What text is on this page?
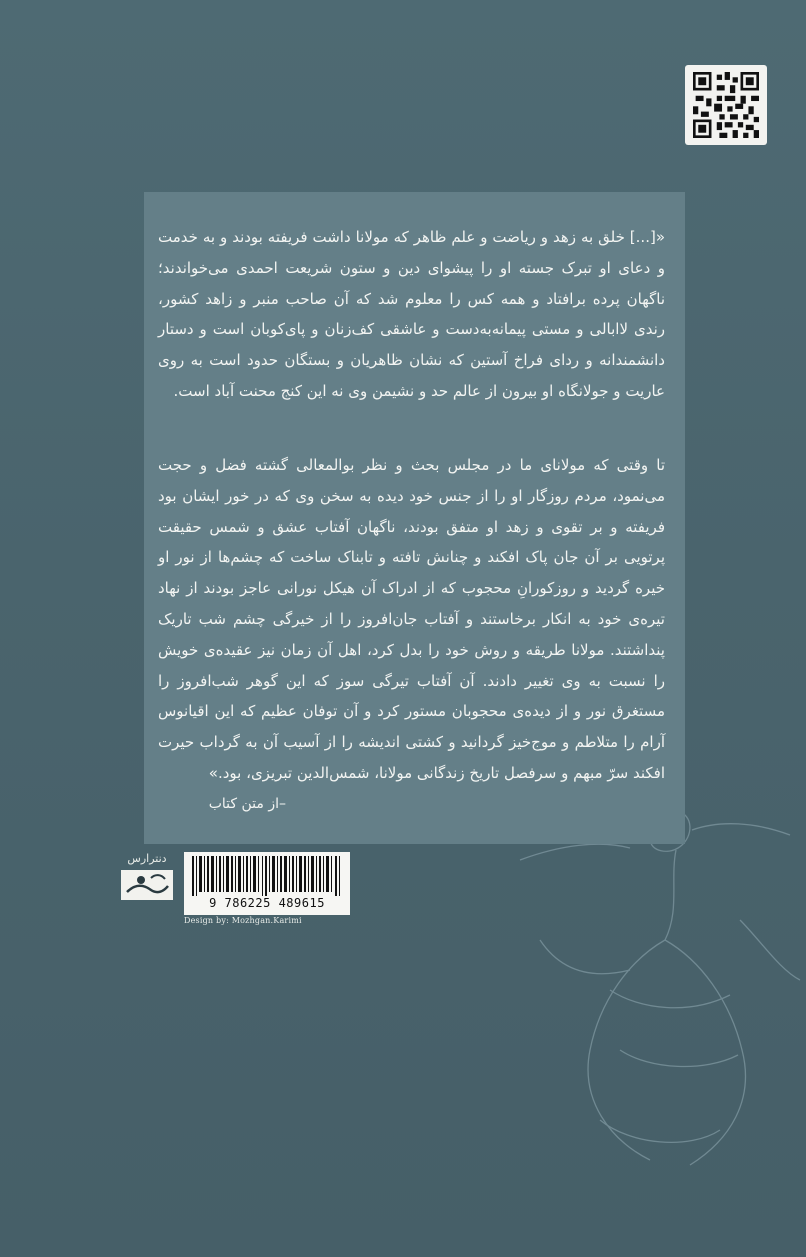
«[...] خلق به زهد و ریاضت و علم ظاهر که مولانا داشت فریفته بودند و به خدمت و دعای او تبرک جسته او را پیشوای دین و ستون شریعت احمدی می‌خواندند؛ ناگهان پرده برافتاد و همه کس را معلوم شد که آن صاحب منبر و زاهد کشور، رندی لاابالی و مستی پیمانه‌به‌دست و عاشقی کف‌زنان و پای‌کوبان است و دستار دانشمندانه و ردای فراخ آستین که نشان ظاهریان و بستگان حدود است به روی عاریت و جولانگاه او بیرون از عالم حد و نشیمن وی نه این کنج محنت آباد است.
تا وقتی که مولانای ما در مجلس بحث و نظر بوالمعالی گشته فضل و حجت می‌نمود، مردم روزگار او را از جنس خود دیده به سخن وی که در خور ایشان بود فریفته و بر تقوی و زهد او متفق بودند، ناگهان آفتاب عشق و شمس حقیقت پرتویی بر آن جان پاک افکند و چنانش تافته و تابناک ساخت که چشم‌ها از نور او خیره گردید و روزکورانِ محجوب که از ادراک آن هیکل نورانی عاجز بودند از نهاد تیره‌ی خود به انکار برخاستند و آفتاب جان‌افروز را از خیرگی چشم شب تاریک پنداشتند. مولانا طریقه و روش خود را بدل کرد، اهل آن زمان نیز عقیده‌ی خویش را نسبت به وی تغییر دادند. آن آفتاب تیرگی سوز که این گوهر شب‌افروز را مستغرق نور و از دیده‌ی محجوبان مستور کرد و آن توفان عظیم که این اقیانوس آرام را متلاطم و موج‌خیز گردانید و کشتی اندیشه را از آسیب آن به گرداب حیرت افکند سرّ مبهم و سرفصل تاریخ زندگانی مولانا، شمس‌الدین تبریزی، بود.»
–از متن کتاب
دنترارس
9 786225 489615
Design by: Mozhgan.Karimi
